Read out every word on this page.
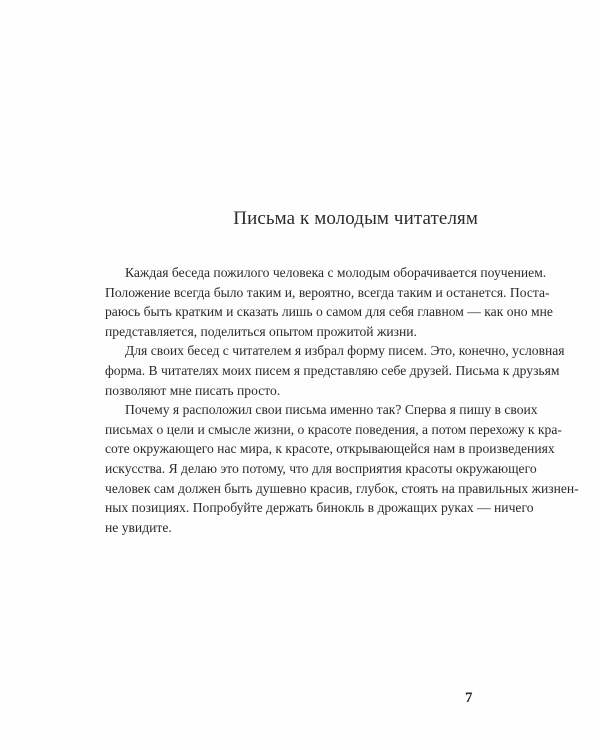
Письма к молодым читателям
Каждая беседа пожилого человека с молодым оборачивается поучением.
Положение всегда было таким и, вероятно, всегда таким и останется. Поста-
раюсь быть кратким и сказать лишь о самом для себя главном — как оно мне
представляется, поделиться опытом прожитой жизни.
Для своих бесед с читателем я избрал форму писем. Это, конечно, условная
форма. В читателях моих писем я представляю себе друзей. Письма к друзьям
позволяют мне писать просто.
Почему я расположил свои письма именно так? Сперва я пишу в своих
письмах о цели и смысле жизни, о красоте поведения, а потом перехожу к кра-
соте окружающего нас мира, к красоте, открывающейся нам в произведениях
искусства. Я делаю это потому, что для восприятия красоты окружающего
человек сам должен быть душевно красив, глубок, стоять на правильных жизнен-
ных позициях. Попробуйте держать бинокль в дрожащих руках — ничего
не увидите.
7
